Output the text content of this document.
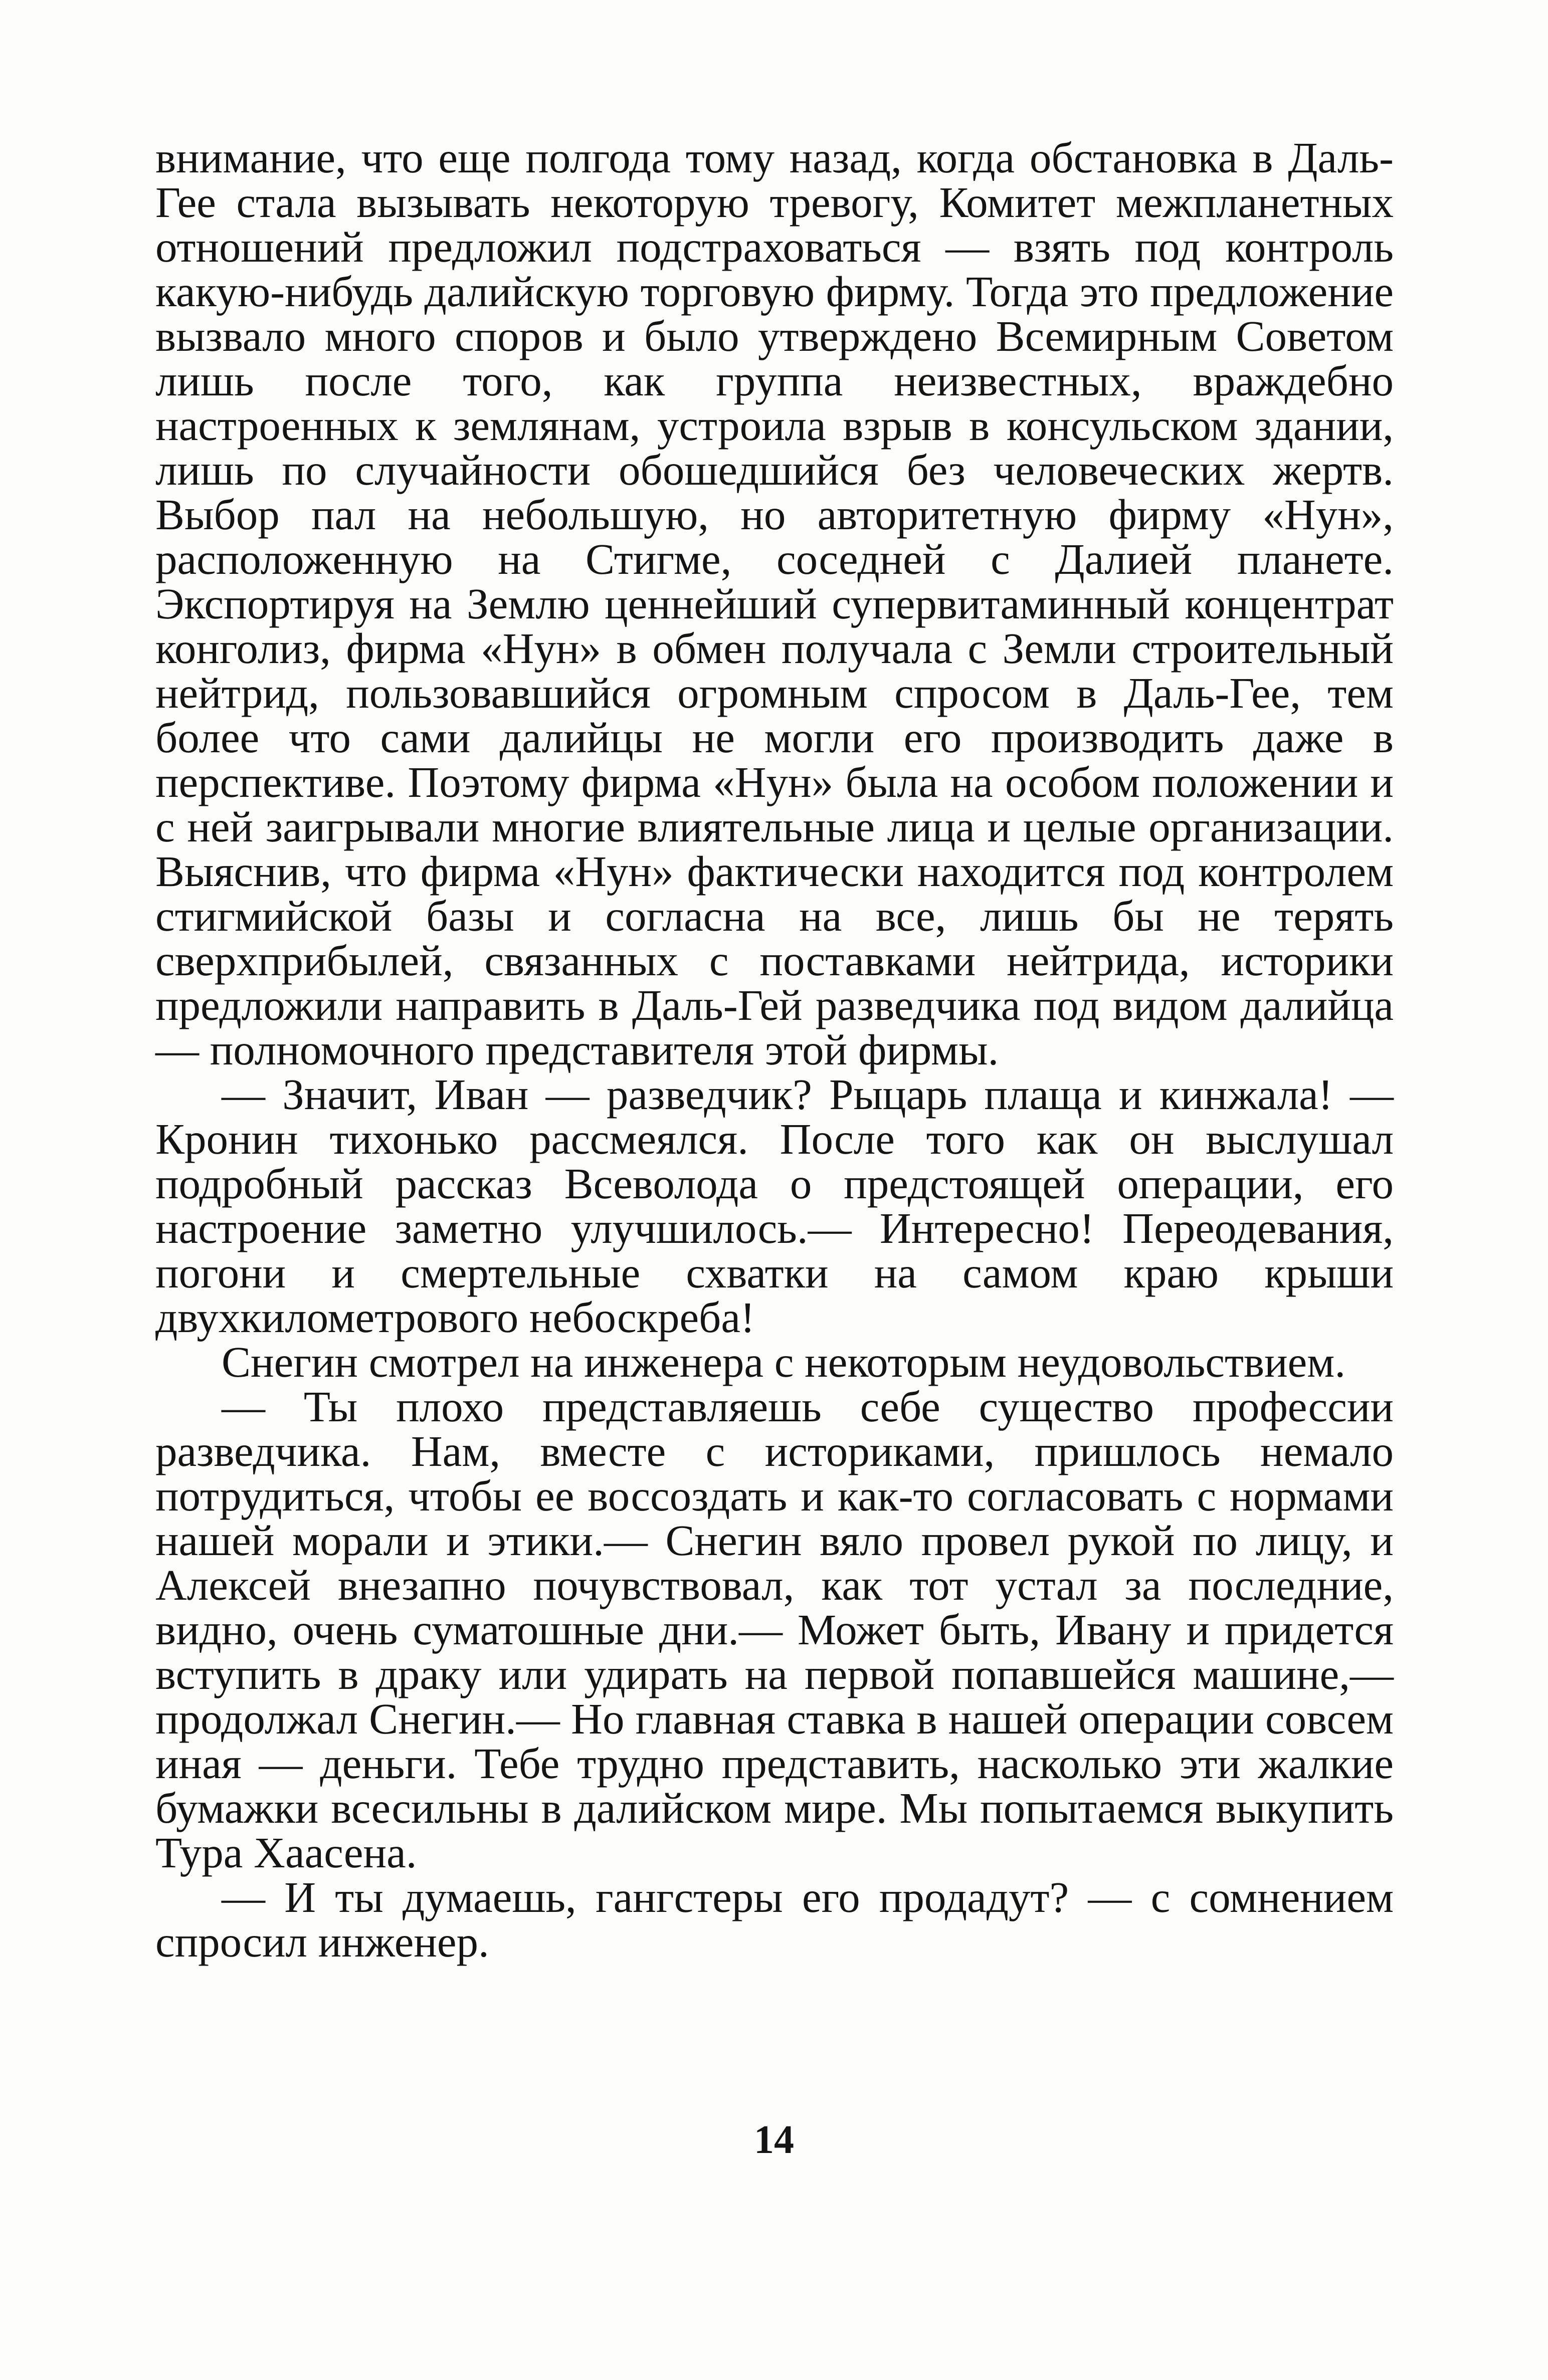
внимание, что еще полгода тому назад, когда обстановка в Даль-Гее стала вызывать некоторую тревогу, Комитет межпланетных отношений предложил подстраховаться — взять под контроль какую-нибудь далийскую торговую фирму. Тогда это предложение вызвало много споров и было утверждено Всемирным Советом лишь после того, как группа неизвестных, враждебно настроенных к землянам, устроила взрыв в консульском здании, лишь по случайности обошедшийся без человеческих жертв. Выбор пал на небольшую, но авторитетную фирму «Нун», расположенную на Стигме, соседней с Далией планете. Экспортируя на Землю ценнейший супервитаминный концентрат конголиз, фирма «Нун» в обмен получала с Земли строительный нейтрид, пользовавшийся огромным спросом в Даль-Гее, тем более что сами далийцы не могли его производить даже в перспективе. Поэтому фирма «Нун» была на особом положении и с ней заигрывали многие влиятельные лица и целые организации. Выяснив, что фирма «Нун» фактически находится под контролем стигмийской базы и согласна на все, лишь бы не терять сверхприбылей, связанных с поставками нейтрида, историки предложили направить в Даль-Гей разведчика под видом далийца — полномочного представителя этой фирмы.

— Значит, Иван — разведчик? Рыцарь плаща и кинжала! — Кронин тихонько рассмеялся. После того как он выслушал подробный рассказ Всеволода о предстоящей операции, его настроение заметно улучшилось.— Интересно! Переодевания, погони и смертельные схватки на самом краю крыши двухкилометрового небоскреба!

Снегин смотрел на инженера с некоторым неудовольствием.

— Ты плохо представляешь себе существо профессии разведчика. Нам, вместе с историками, пришлось немало потрудиться, чтобы ее воссоздать и как-то согласовать с нормами нашей морали и этики.— Снегин вяло провел рукой по лицу, и Алексей внезапно почувствовал, как тот устал за последние, видно, очень суматошные дни.— Может быть, Ивану и придется вступить в драку или удирать на первой попавшейся машине,— продолжал Снегин.— Но главная ставка в нашей операции совсем иная — деньги. Тебе трудно представить, насколько эти жалкие бумажки всесильны в далийском мире. Мы попытаемся выкупить Тура Хаасена.

— И ты думаешь, гангстеры его продадут? — с сомнением спросил инженер.

14
